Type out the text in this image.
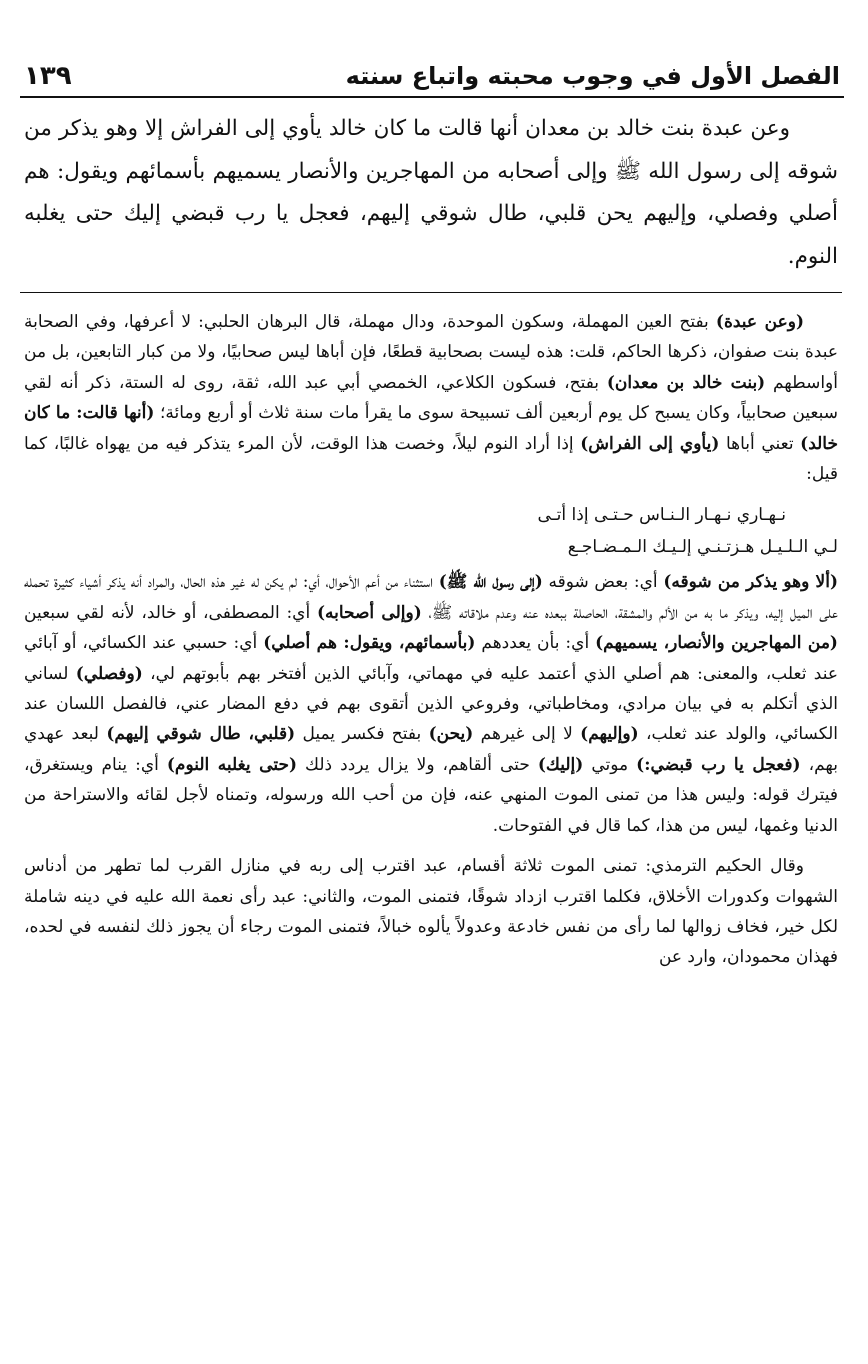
الفصل الأول في وجوب محبته واتباع سنته
١٣٩

وعن عبدة بنت خالد بن معدان أنها قالت ما كان خالد يأوي إلى الفراش إلا وهو يذكر من شوقه إلى رسول الله ﷺ وإلى أصحابه من المهاجرين والأنصار يسميهم بأسمائهم ويقول: هم أصلي وفصلي، وإليهم يحن قلبي، طال شوقي إليهم، فعجل يا رب قبضي إليك حتى يغلبه النوم.

(وعن عبدة) بفتح العين المهملة، وسكون الموحدة، ودال مهملة، قال البرهان الحلبي: لا أعرفها، وفي الصحابة عبدة بنت صفوان، ذكرها الحاكم، قلت: هذه ليست بصحابية قطعًا، فإن أباها ليس صحابيًا، ولا من كبار التابعين، بل من أواسطهم (بنت خالد بن معدان) بفتح، فسكون الكلاعي، الخمصي أبي عبد الله، ثقة، روى له الستة، ذكر أنه لقي سبعين صحابياً، وكان يسبح كل يوم أربعين ألف تسبيحة سوى ما يقرأ مات سنة ثلاث أو أربع ومائة؛ (أنها قالت: ما كان خالد) تعني أباها (يأوي إلى الفراش) إذا أراد النوم ليلاً، وخصت هذا الوقت، لأن المرء يتذكر فيه من يهواه غالبًا، كما قيل:

نـهـاري نـهـار الـنـاس حـتـى إذا أتـى
لـي الـلـيـل هـزتـنـي إلـيـك الـمـضـاجـع

(ألا وهو يذكر من شوقه) أي: بعض شوقه (إلى رسول الله ﷺ) استثناء من أعم الأحوال، أي: لم يكن له غير هذه الحال، والمراد أنه يذكر أشياء كثيرة تحمله على الميل إليه، ويذكر ما به من الألم والمشقة، الحاصلة ببعده عنه وعدم ملاقاته ﷺ، (وإلى أصحابه) أي: المصطفى، أو خالد، لأنه لقي سبعين (من المهاجرين والأنصار، يسميهم) أي: بأن يعددهم (بأسمائهم، ويقول: هم أصلي) أي: حسبي عند الكسائي، أو آبائي عند ثعلب، والمعنى: هم أصلي الذي أعتمد عليه في مهماتي، وآبائي الذين أفتخر بهم بأبوتهم لي، (وفصلي) لساني الذي أتكلم به في بيان مرادي، ومخاطباتي، وفروعي الذين أتقوى بهم في دفع المضار عني، فالفصل اللسان عند الكسائي، والولد عند ثعلب، (وإليهم) لا إلى غيرهم (يحن) بفتح فكسر يميل (قلبي، طال شوقي إليهم) لبعد عهدي بهم، (فعجل يا رب قبضي:) موتي (إليك) حتى ألقاهم، ولا يزال يردد ذلك (حتى يغلبه النوم) أي: ينام ويستغرق، فيترك قوله: وليس هذا من تمنى الموت المنهي عنه، فإن من أحب الله ورسوله، وتمناه لأجل لقائه والاستراحة من الدنيا وغمها، ليس من هذا، كما قال في الفتوحات.

وقال الحكيم الترمذي: تمنى الموت ثلاثة أقسام، عبد اقترب إلى ربه في منازل القرب لما تطهر من أدناس الشهوات وكدورات الأخلاق، فكلما اقترب ازداد شوقًا، فتمنى الموت، والثاني: عبد رأى نعمة الله عليه في دينه شاملة لكل خير، فخاف زوالها لما رأى من نفس خادعة وعدولاً يألوه خبالاً، فتمنى الموت رجاء أن يجوز ذلك لنفسه في لحده، فهذان محمودان، وارد عن
